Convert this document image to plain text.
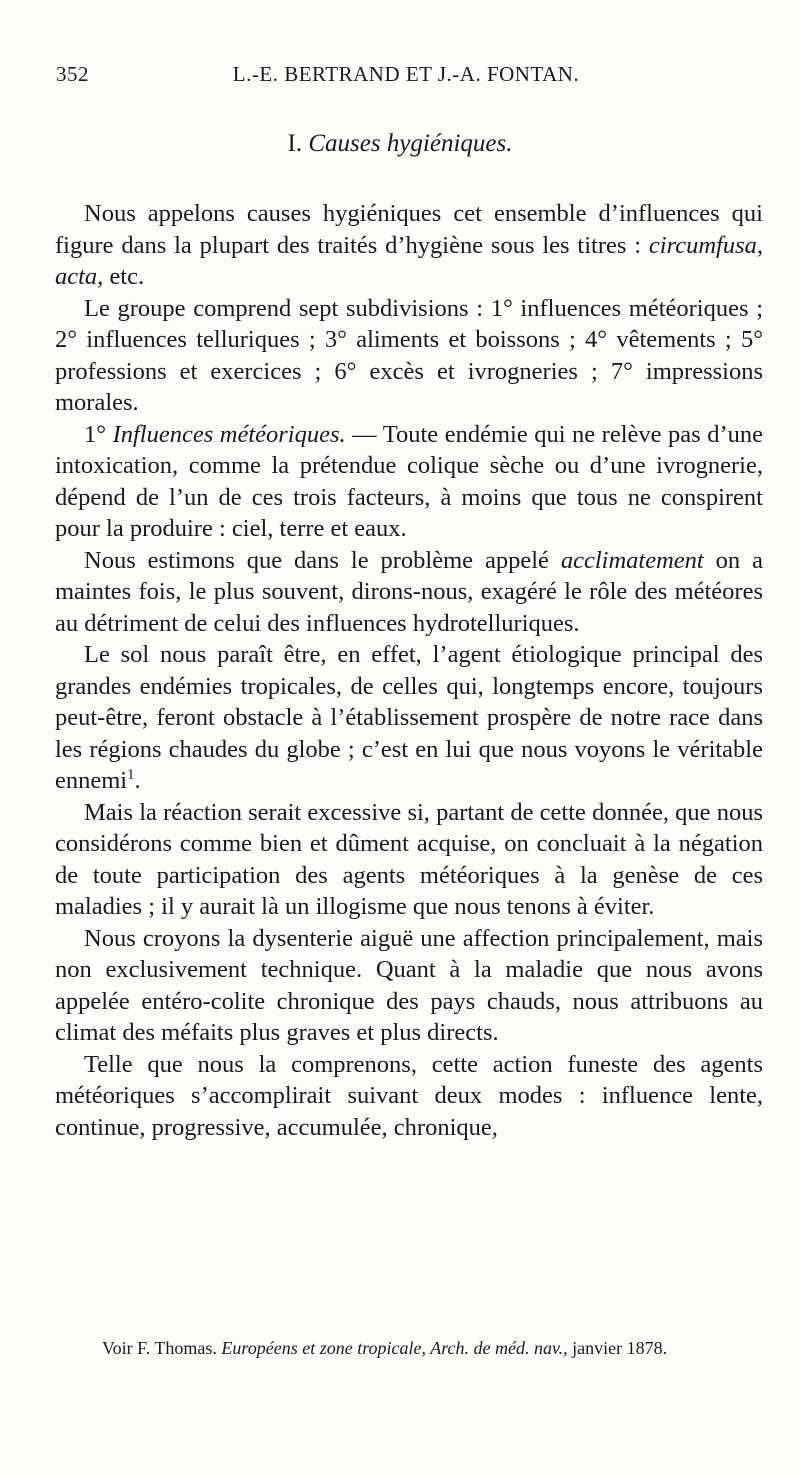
352	L.-E. BERTRAND ET J.-A. FONTAN.
I. Causes hygiéniques.

Nous appelons causes hygiéniques cet ensemble d’influences qui figure dans la plupart des traités d’hygiène sous les titres : circumfusa, acta, etc.

Le groupe comprend sept subdivisions : 1° influences météoriques ; 2° influences telluriques ; 3° aliments et boissons ; 4° vêtements ; 5° professions et exercices ; 6° excès et ivrogneries ; 7° impressions morales.

1° Influences météoriques. — Toute endémie qui ne relève pas d’une intoxication, comme la prétendue colique sèche ou d’une ivrognerie, dépend de l’un de ces trois facteurs, à moins que tous ne conspirent pour la produire : ciel, terre et eaux.

Nous estimons que dans le problème appelé acclimatement on a maintes fois, le plus souvent, dirons-nous, exagéré le rôle des météores au détriment de celui des influences hydrotelluriques.

Le sol nous paraît être, en effet, l’agent étiologique principal des grandes endémies tropicales, de celles qui, longtemps encore, toujours peut-être, feront obstacle à l’établissement prospère de notre race dans les régions chaudes du globe ; c’est en lui que nous voyons le véritable ennemi$^1$.

Mais la réaction serait excessive si, partant de cette donnée, que nous considérons comme bien et dûment acquise, on concluait à la négation de toute participation des agents météoriques à la genèse de ces maladies ; il y aurait là un illogisme que nous tenons à éviter.

Nous croyons la dysenterie aiguë une affection principalement, mais non exclusivement technique. Quant à la maladie que nous avons appelée entéro-colite chronique des pays chauds, nous attribuons au climat des méfaits plus graves et plus directs.

Telle que nous la comprenons, cette action funeste des agents météoriques s’accomplirait suivant deux modes : influence lente, continue, progressive, accumulée, chronique,

Voir F. Thomas. Européens et zone tropicale, Arch. de méd. nav., janvier 1878.
